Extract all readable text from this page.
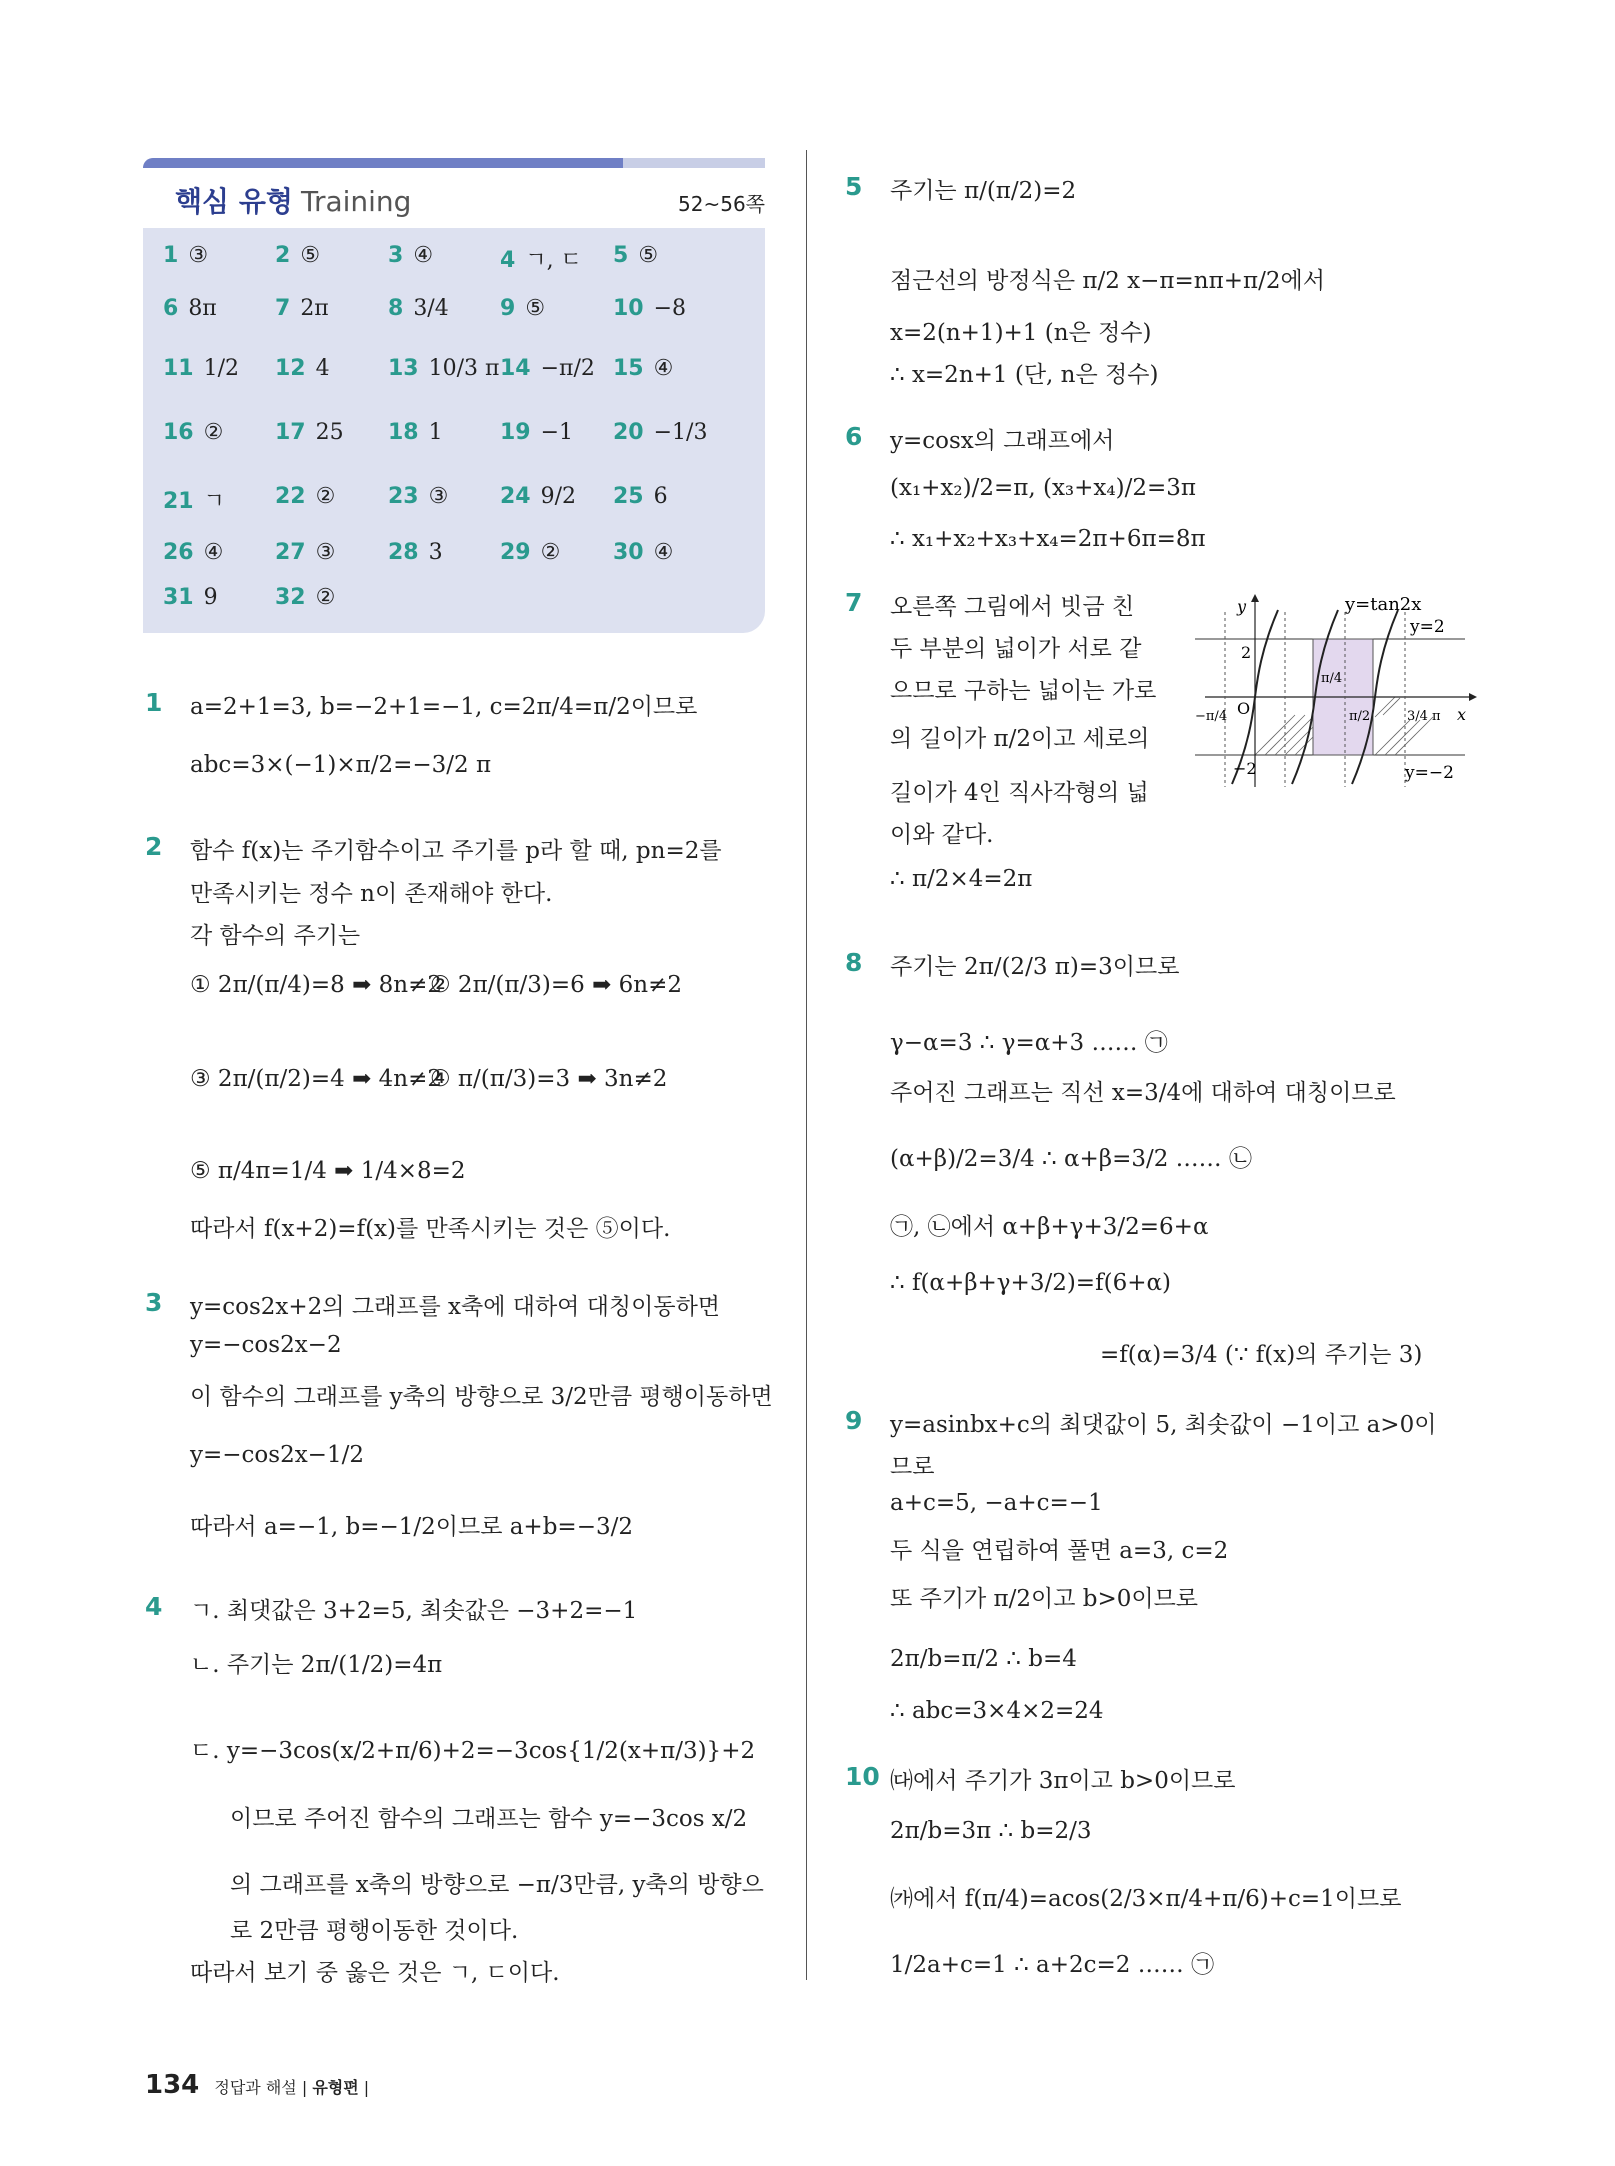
핵심 유형 Training	52~56쪽
1 ③	2 ⑤	3 ④	4 ㄱ, ㄷ 5 ⑤
6 8π	7 2π	8 3/4 9 ⑤	10 −8
11 1/2 12 4	13 10/3 π 14 −π/2 15 ④
16 ② 17 25 18 1	19 −1 20 −1/3
21 ㄱ 22 ② 23 ③ 24 9/2 25 6
26 ④ 27 ③ 28 3	29 ② 30 ④
31 9	32 ②
1 a=2+1=3, b=−2+1=−1, c=2π/4=π/2이므로
abc=3×(−1)×π/2=−3/2 π
2 함수 f(x)는 주기함수이고 주기를 p라 할 때, pn=2를
만족시키는 정수 n이 존재해야 한다.
각 함수의 주기는
① 2π/(π/4)=8 ➡ 8n≠2
② 2π/(π/3)=6 ➡ 6n≠2
③ 2π/(π/2)=4 ➡ 4n≠2
④ π/(π/3)=3 ➡ 3n≠2
⑤ π/4π=1/4 ➡ 1/4×8=2
따라서 f(x+2)=f(x)를 만족시키는 것은 ⑤이다.
3 y=cos2x+2의 그래프를 x축에 대하여 대칭이동하면
y=−cos2x−2
이 함수의 그래프를 y축의 방향으로 3/2만큼 평행이동하면
y=−cos2x−1/2
따라서 a=−1, b=−1/2이므로 a+b=−3/2
4 ㄱ. 최댓값은 3+2=5, 최솟값은 −3+2=−1
ㄴ. 주기는 2π/(1/2)=4π
ㄷ. y=−3cos(x/2+π/6)+2=−3cos{1/2(x+π/3)}+2
이므로 주어진 함수의 그래프는 함수 y=−3cos x/2
의 그래프를 x축의 방향으로 −π/3만큼, y축의 방향으
로 2만큼 평행이동한 것이다.
따라서 보기 중 옳은 것은 ㄱ, ㄷ이다.
5 주기는 π/(π/2)=2
점근선의 방정식은 π/2 x−π=nπ+π/2에서
x=2(n+1)+1 (n은 정수)
∴ x=2n+1 (단, n은 정수)
6 y=cosx의 그래프에서
(x₁+x₂)/2=π, (x₃+x₄)/2=3π
∴ x₁+x₂+x₃+x₄=2π+6π=8π
7 오른쪽 그림에서 빗금 친
두 부분의 넓이가 서로 같
으므로 구하는 넓이는 가로
의 길이가 π/2이고 세로의
길이가 4인 직사각형의 넓
이와 같다.
∴ π/2×4=2π
y=tan2x
y=2
y=−2
y
x
O
2
−2
π/4
−π/4	π/2	3/4 π
8 주기는 2π/(2/3 π)=3이므로
γ−α=3 ∴ γ=α+3 …… ㉠
주어진 그래프는 직선 x=3/4에 대하여 대칭이므로
(α+β)/2=3/4 ∴ α+β=3/2 …… ㉡
㉠, ㉡에서 α+β+γ+3/2=6+α
∴ f(α+β+γ+3/2)=f(6+α)
=f(α)=3/4 (∵ f(x)의 주기는 3)
9 y=asinbx+c의 최댓값이 5, 최솟값이 −1이고 a>0이
므로
a+c=5, −a+c=−1
두 식을 연립하여 풀면 a=3, c=2
또 주기가 π/2이고 b>0이므로
2π/b=π/2 ∴ b=4
∴ abc=3×4×2=24
10 ㈐에서 주기가 3π이고 b>0이므로
2π/b=3π ∴ b=2/3
㈎에서 f(π/4)=acos(2/3×π/4+π/6)+c=1이므로
1/2a+c=1 ∴ a+2c=2 …… ㉠
134 정답과 해설 | 유형편 |
